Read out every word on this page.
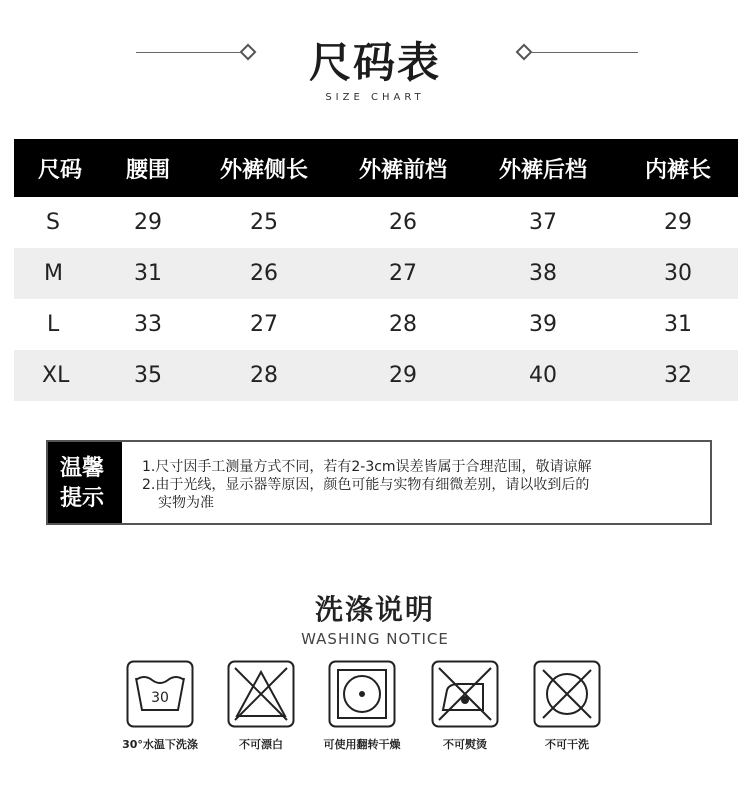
尺码表
SIZE CHART
尺码	腰围	外裤侧长	外裤前档	外裤后档	内裤长
S	29	25	26	37	29
M	31	26	27	38	30
L	33	27	28	39	31
XL	35	28	29	40	32
温馨
提示
1.尺寸因手工测量方式不同，若有2-3cm误差皆属于合理范围，敬请谅解
2.由于光线，显示器等原因，颜色可能与实物有细微差别，请以收到后的
实物为准
洗涤说明
WASHING NOTICE
30
30°水温下洗涤	不可漂白	可使用翻转干燥	不可熨烫	不可干洗
